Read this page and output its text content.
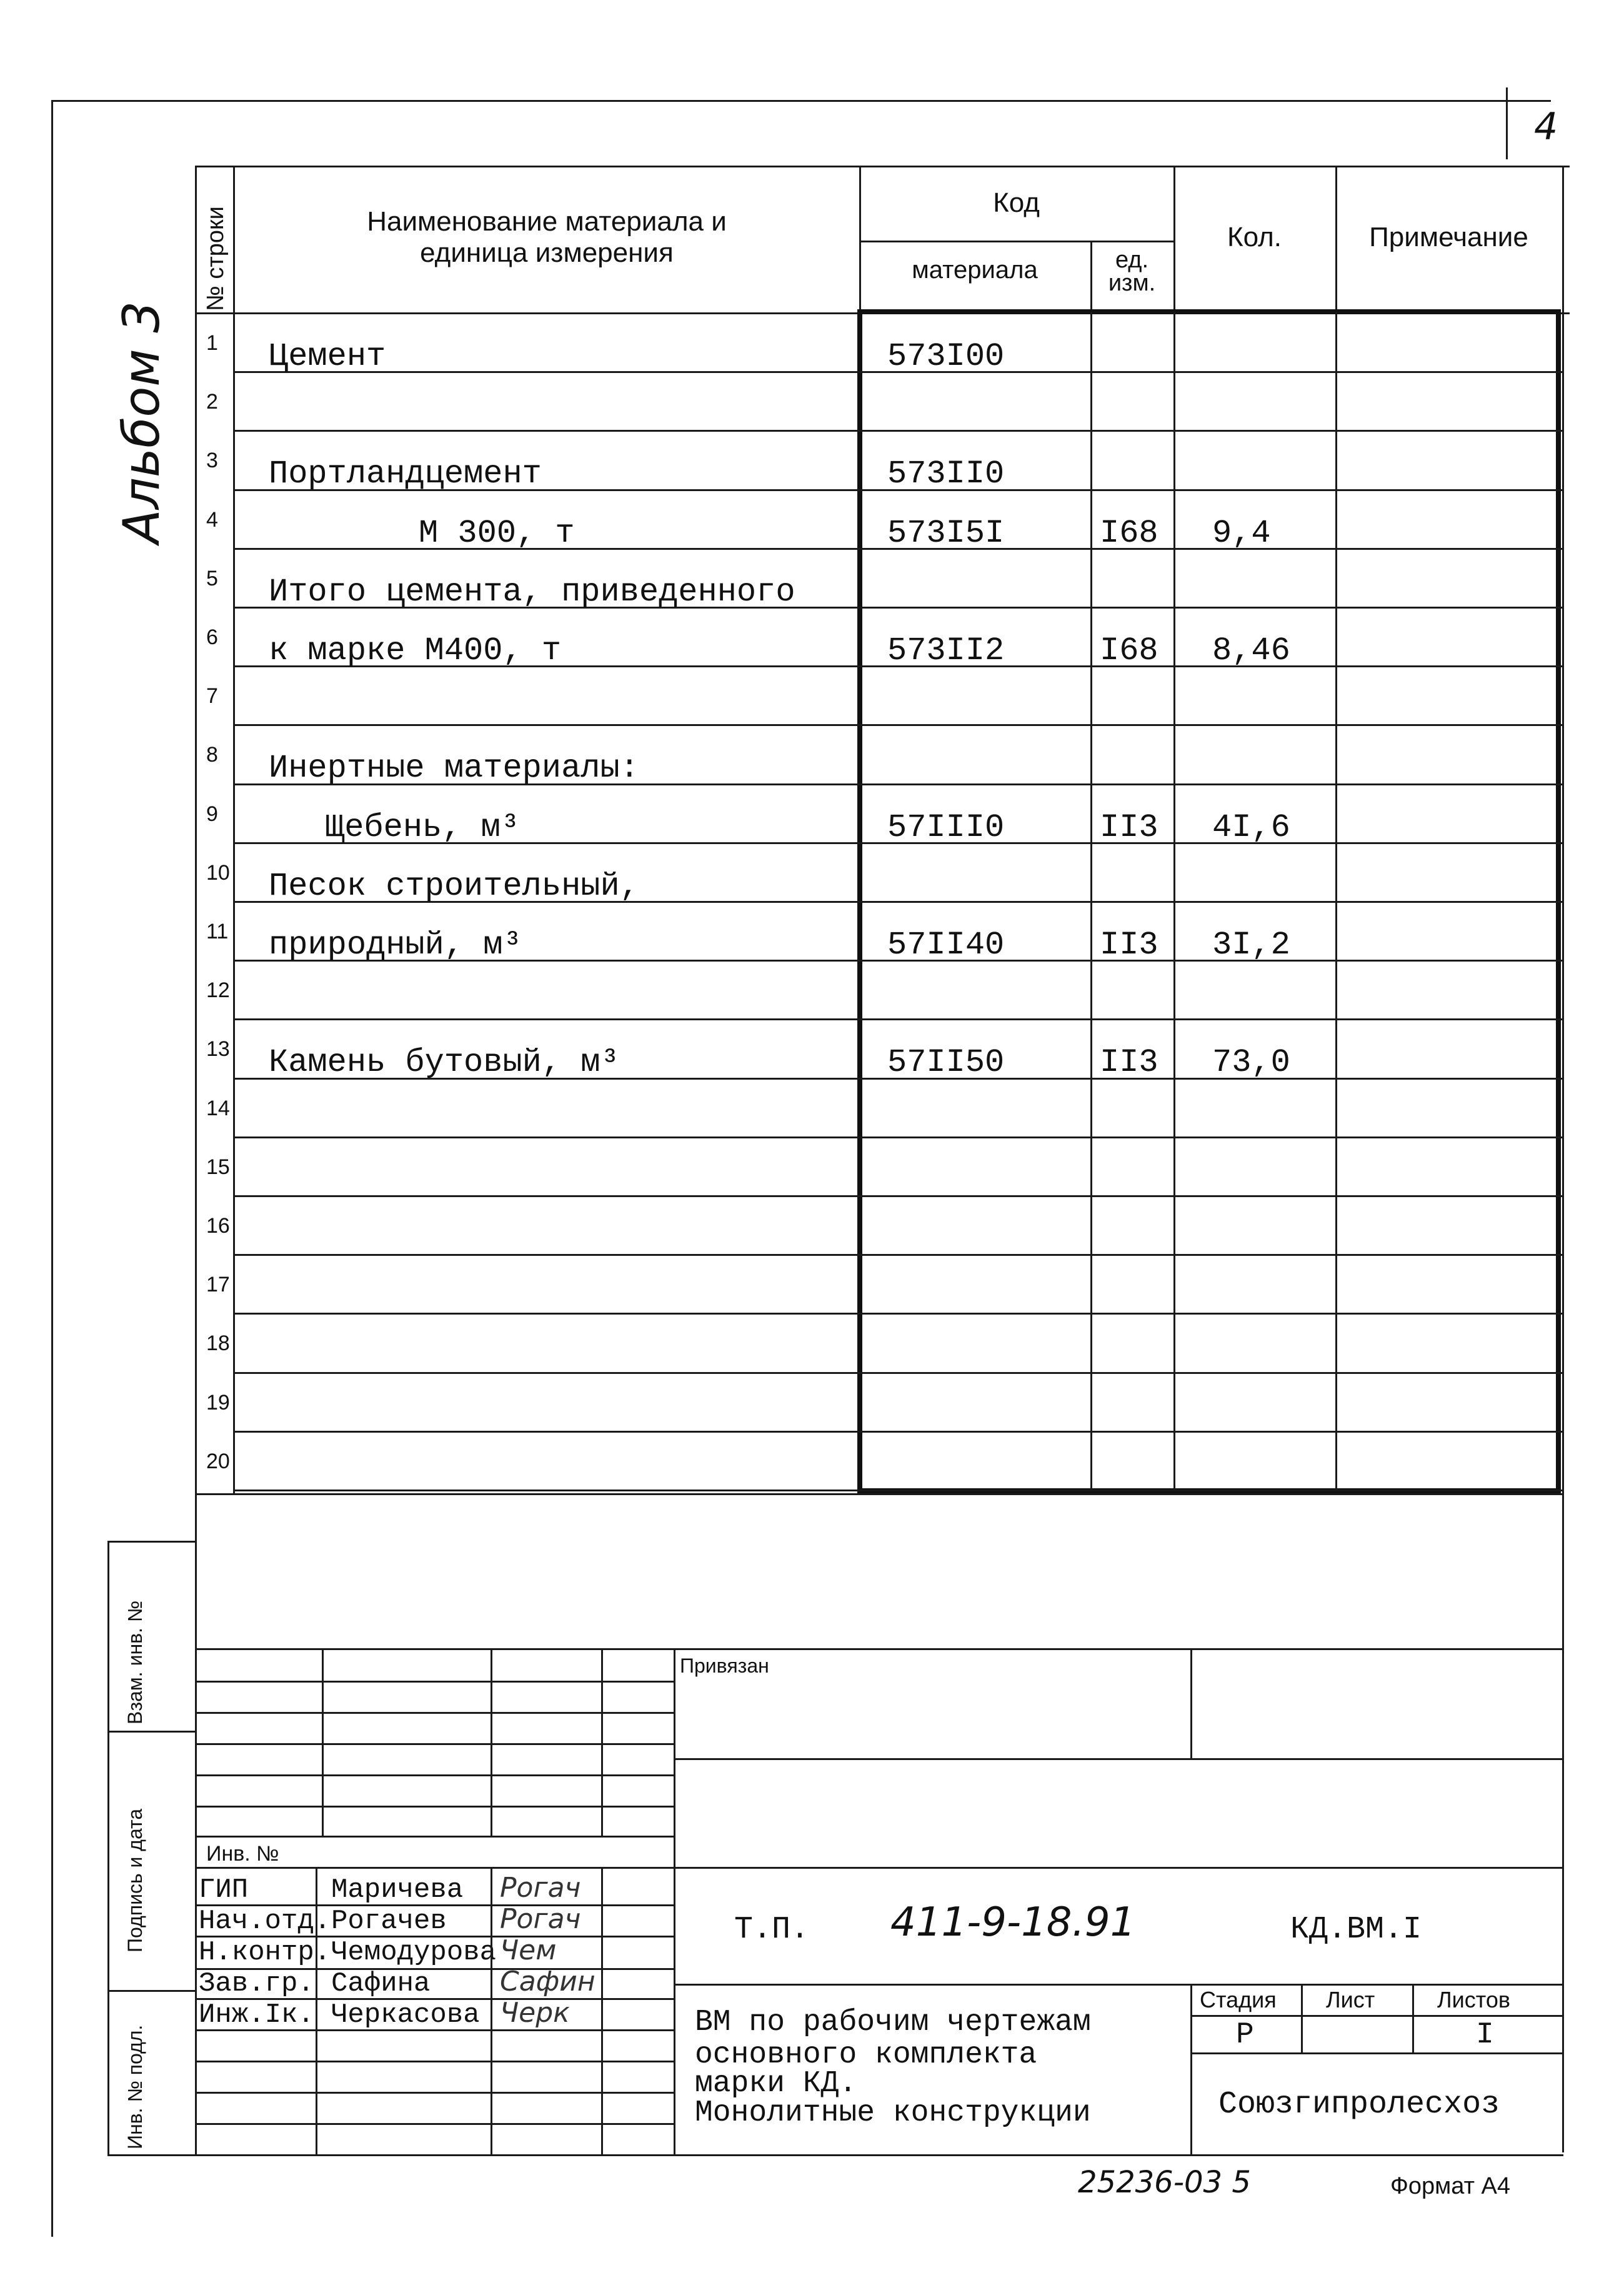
4
Альбом 3
№ строки	Наименование материала и
единица измерения
Код
материала	ед.
изм.
Кол.	Примечание
1 Цемент	573I00
2
3 Портландцемент	573II0
4	М 300, т	573I5I	I68 9,4
5 Итого цемента, приведенного
6 к марке М400, т	573II2	I68 8,46
7
8 Инертные материалы:
9	Щебень, м³	57III0	II3 4I,6
10 Песок строительный,
11 природный, м³	57II40	II3 3I,2
12
13 Камень бутовый, м³	57II50	II3 73,0
14
15
16
17
18
19
20
Взам. инв. №
Подпись и дата
Инв. № подл.
Привязан
Инв. №
ГИП	Маричева Рогач
Нач.отд. Рогачев Рогач
Н.контр. Чемодурова Чем
Зав.гр. Сафина	Сафин
Инж.Iк. Черкасова Черк
Т.П. 411-9-18.91	КД.ВМ.I
Стадия Лист	Листов
Р	I
Союзгипролесхоз
ВМ по рабочим чертежам
основного комплекта
марки КД.
Монолитные конструкции
25236-03 5	Формат А4
